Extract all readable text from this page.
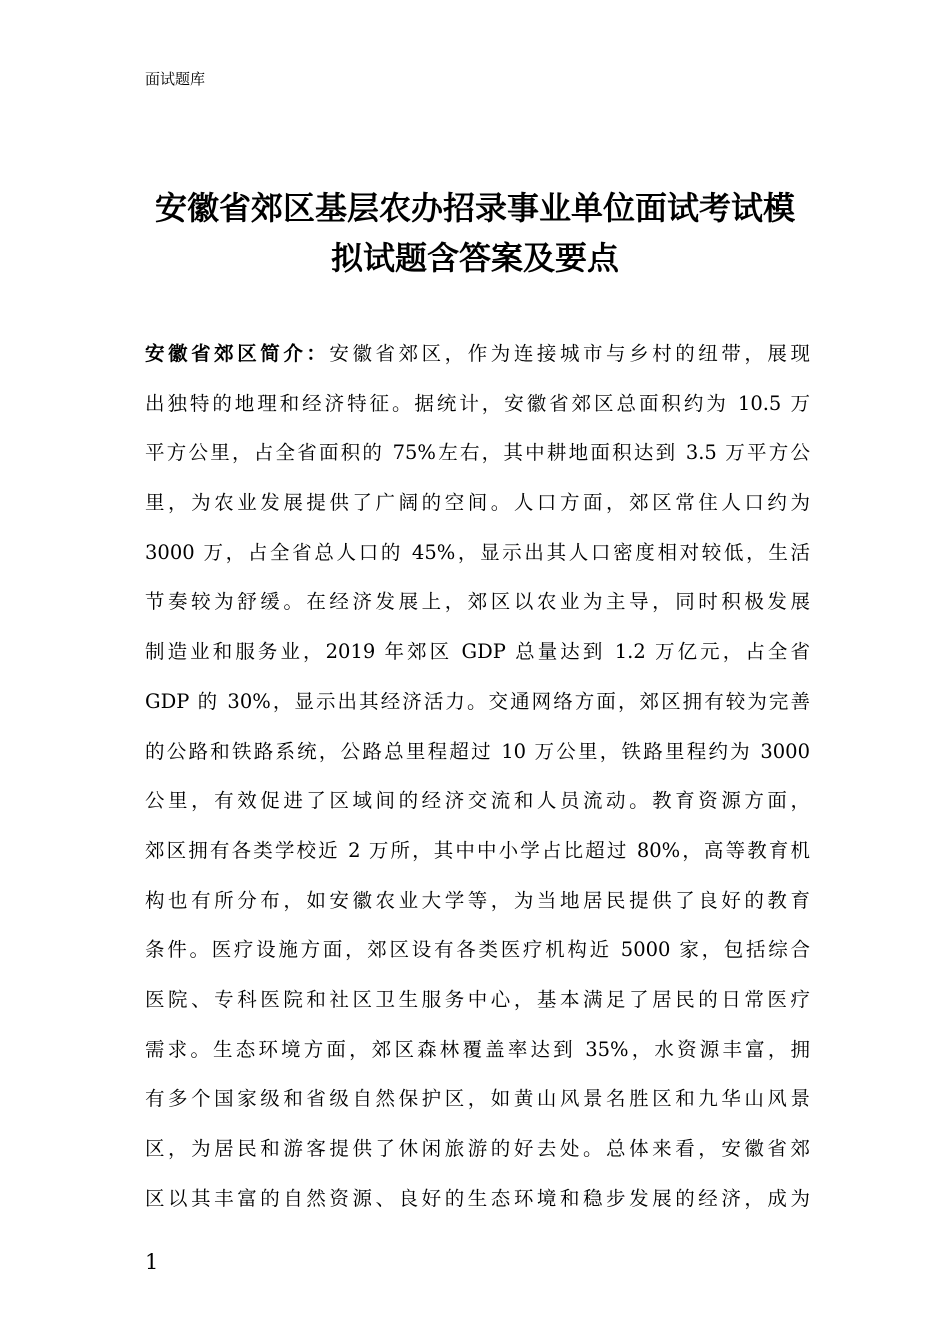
面试题库
安徽省郊区基层农办招录事业单位面试考试模
拟试题含答案及要点
安徽省郊区简介：安徽省郊区，作为连接城市与乡村的纽带，展现
出独特的地理和经济特征。据统计，安徽省郊区总面积约为 10.5 万
平方公里，占全省面积的 75%左右，其中耕地面积达到 3.5 万平方公
里，为农业发展提供了广阔的空间。人口方面，郊区常住人口约为
3000 万，占全省总人口的 45%，显示出其人口密度相对较低，生活
节奏较为舒缓。在经济发展上，郊区以农业为主导，同时积极发展
制造业和服务业，2019 年郊区 GDP 总量达到 1.2 万亿元，占全省
GDP 的 30%，显示出其经济活力。交通网络方面，郊区拥有较为完善
的公路和铁路系统，公路总里程超过 10 万公里，铁路里程约为 3000
公里，有效促进了区域间的经济交流和人员流动。教育资源方面，
郊区拥有各类学校近 2 万所，其中中小学占比超过 80%，高等教育机
构也有所分布，如安徽农业大学等，为当地居民提供了良好的教育
条件。医疗设施方面，郊区设有各类医疗机构近 5000 家，包括综合
医院、专科医院和社区卫生服务中心，基本满足了居民的日常医疗
需求。生态环境方面，郊区森林覆盖率达到 35%，水资源丰富，拥
有多个国家级和省级自然保护区，如黄山风景名胜区和九华山风景
区，为居民和游客提供了休闲旅游的好去处。总体来看，安徽省郊
区以其丰富的自然资源、良好的生态环境和稳步发展的经济，成为
1
